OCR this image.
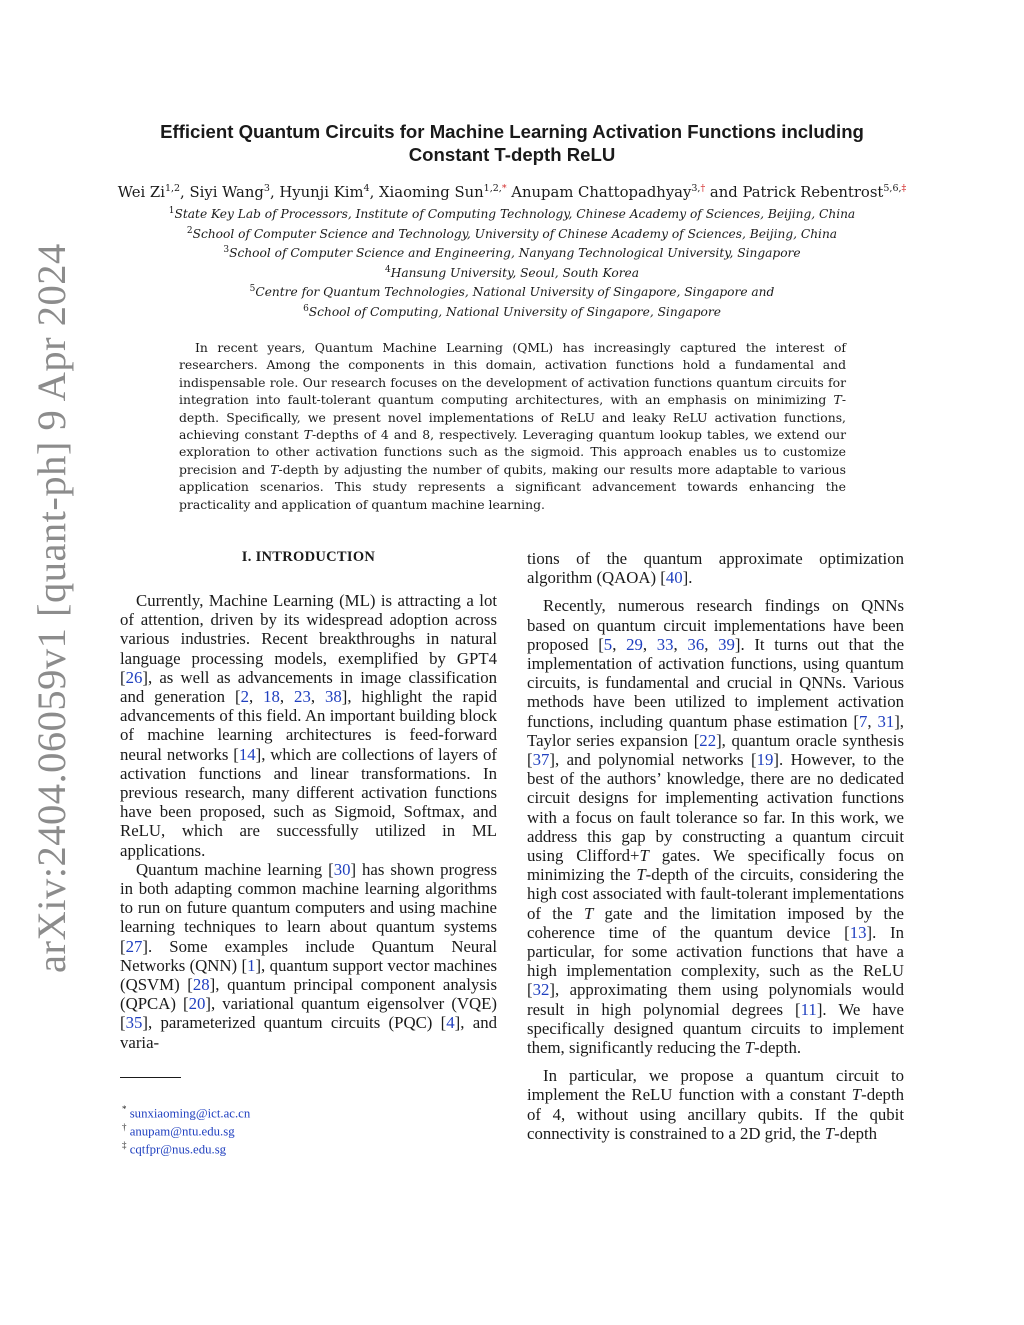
arXiv:2404.06059v1 [quant-ph] 9 Apr 2024
Efficient Quantum Circuits for Machine Learning Activation Functions including Constant T-depth ReLU
Wei Zi$^{1,2}$, Siyi Wang$^3$, Hyunji Kim$^4$, Xiaoming Sun$^{1,2,*}$ Anupam Chattopadhyay$^{3,\dagger}$ and Patrick Rebentrost$^{5,6,\ddagger}$
$^1$State Key Lab of Processors, Institute of Computing Technology, Chinese Academy of Sciences, Beijing, China
$^2$School of Computer Science and Technology, University of Chinese Academy of Sciences, Beijing, China
$^3$School of Computer Science and Engineering, Nanyang Technological University, Singapore
$^4$Hansung University, Seoul, South Korea
$^5$Centre for Quantum Technologies, National University of Singapore, Singapore and
$^6$School of Computing, National University of Singapore, Singapore
In recent years, Quantum Machine Learning (QML) has increasingly captured the interest of researchers. Among the components in this domain, activation functions hold a fundamental and indispensable role. Our research focuses on the development of activation functions quantum circuits for integration into fault-tolerant quantum computing architectures, with an emphasis on minimizing T-depth. Specifically, we present novel implementations of ReLU and leaky ReLU activation functions, achieving constant T-depths of 4 and 8, respectively. Leveraging quantum lookup tables, we extend our exploration to other activation functions such as the sigmoid. This approach enables us to customize precision and T-depth by adjusting the number of qubits, making our results more adaptable to various application scenarios. This study represents a significant advancement towards enhancing the practicality and application of quantum machine learning.
I. INTRODUCTION

Currently, Machine Learning (ML) is attracting a lot of attention, driven by its widespread adoption across various industries. Recent breakthroughs in natural language processing models, exemplified by GPT4 [26], as well as advancements in image classification and generation [2, 18, 23, 38], highlight the rapid advancements of this field. An important building block of machine learning architectures is feed-forward neural networks [14], which are collections of layers of activation functions and linear transformations. In previous research, many different activation functions have been proposed, such as Sigmoid, Softmax, and ReLU, which are successfully utilized in ML applications.

Quantum machine learning [30] has shown progress in both adapting common machine learning algorithms to run on future quantum computers and using machine learning techniques to learn about quantum systems [27]. Some examples include Quantum Neural Networks (QNN) [1], quantum support vector machines (QSVM) [28], quantum principal component analysis (QPCA) [20], variational quantum eigensolver (VQE) [35], parameterized quantum circuits (PQC) [4], and varia-

tions of the quantum approximate optimization algorithm (QAOA) [40].

Recently, numerous research findings on QNNs based on quantum circuit implementations have been proposed [5, 29, 33, 36, 39]. It turns out that the implementation of activation functions, using quantum circuits, is fundamental and crucial in QNNs. Various methods have been utilized to implement activation functions, including quantum phase estimation [7, 31], Taylor series expansion [22], quantum oracle synthesis [37], and polynomial networks [19]. However, to the best of the authors’ knowledge, there are no dedicated circuit designs for implementing activation functions with a focus on fault tolerance so far. In this work, we address this gap by constructing a quantum circuit using Clifford+T gates. We specifically focus on minimizing the T-depth of the circuits, considering the high cost associated with fault-tolerant implementations of the T gate and the limitation imposed by the coherence time of the quantum device [13]. In particular, for some activation functions that have a high implementation complexity, such as the ReLU [32], approximating them using polynomials would result in high polynomial degrees [11]. We have specifically designed quantum circuits to implement them, significantly reducing the T-depth.

In particular, we propose a quantum circuit to implement the ReLU function with a constant T-depth of 4, without using ancillary qubits. If the qubit connectivity is constrained to a 2D grid, the T-depth

* sunxiaoming@ict.ac.cn
† anupam@ntu.edu.sg
‡ cqtfpr@nus.edu.sg
